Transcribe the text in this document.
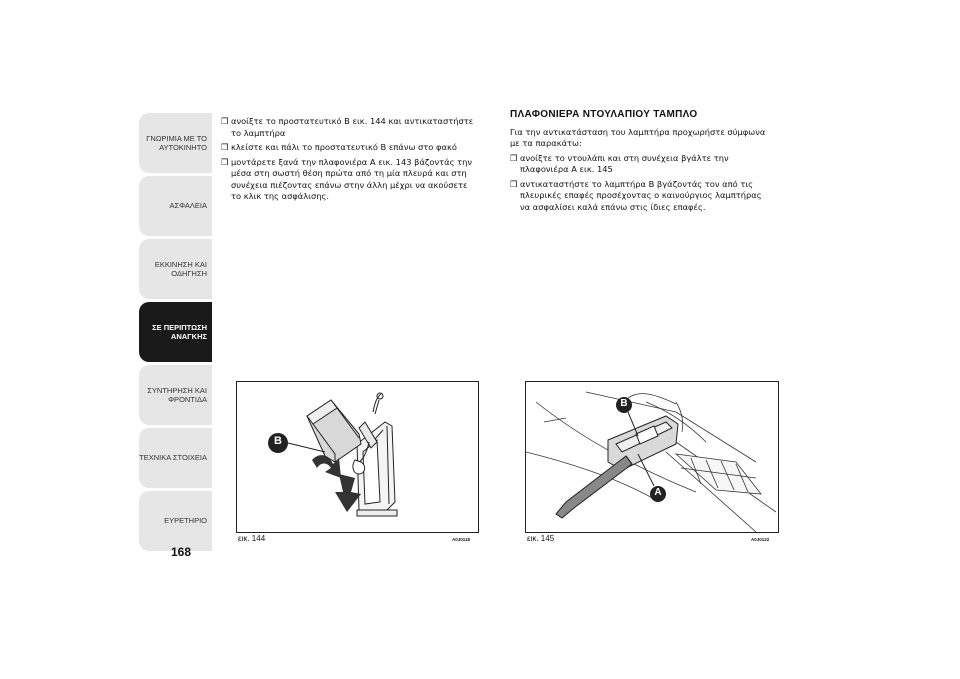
ΓΝΩΡΙΜΙΑ ΜΕ ΤΟ ΑΥΤΟΚΙΝΗΤΟ
ΑΣΦΑΛΕΙΑ
ΕΚΚΙΝΗΣΗ ΚΑΙ ΟΔΗΓΗΣΗ
ΣΕ ΠΕΡΙΠΤΩΣΗ ΑΝΑΓΚΗΣ
ΣΥΝΤΗΡΗΣΗ ΚΑΙ ΦΡΟΝΤΙΔΑ
ΤΕΧΝΙΚΑ ΣΤΟΙΧΕΙΑ
ΕΥΡΕΤΗΡΙΟ
168
❒ ανοίξτε το προστατευτικό B εικ. 144 και αντικαταστήστε το λαμπτήρα
❒ κλείστε και πάλι το προστατευτικό B επάνω στο φακό
❒ μοντάρετε ξανά την πλαφονιέρα A εικ. 143 βάζοντάς την μέσα στη σωστή θέση πρώτα από τη μία πλευρά και στη συνέχεια πιέζοντας επάνω στην άλλη μέχρι να ακούσετε το κλικ της ασφάλισης.
ΠΛΑΦΟΝΙΕΡΑ ΝΤΟΥΛΑΠΙΟΥ ΤΑΜΠΛΟ
Για την αντικατάσταση του λαμπτήρα προχωρήστε σύμφωνα με τα παρακάτω:
❒ ανοίξτε το ντουλάπι και στη συνέχεια βγάλτε την πλαφονιέρα A εικ. 145
❒ αντικαταστήστε το λαμπτήρα B βγάζοντάς τον από τις πλευρικές επαφές προσέχοντας ο καινούργιος λαμπτήρας να ασφαλίσει καλά επάνω στις ίδιες επαφές.
B
εικ. 144	A0J0118
B
A
εικ. 145	A0J0122
